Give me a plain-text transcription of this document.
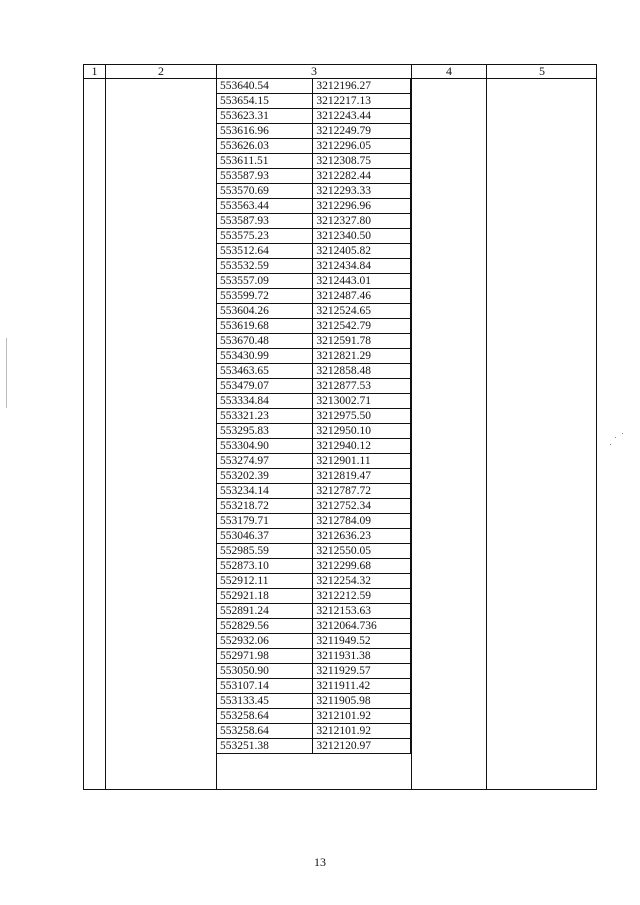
1	2	3	4	5
553640.54	3212196.27
553654.15	3212217.13
553623.31	3212243.44
553616.96	3212249.79
553626.03	3212296.05
553611.51	3212308.75
553587.93	3212282.44
553570.69	3212293.33
553563.44	3212296.96
553587.93	3212327.80
553575.23	3212340.50
553512.64	3212405.82
553532.59	3212434.84
553557.09	3212443.01
553599.72	3212487.46
553604.26	3212524.65
553619.68	3212542.79
553670.48	3212591.78
553430.99	3212821.29
553463.65	3212858.48
553479.07	3212877.53
553334.84	3213002.71
553321.23	3212975.50
553295.83	3212950.10
553304.90	3212940.12
553274.97	3212901.11
553202.39	3212819.47
553234.14	3212787.72
553218.72	3212752.34
553179.71	3212784.09
553046.37	3212636.23
552985.59	3212550.05
552873.10	3212299.68
552912.11	3212254.32
552921.18	3212212.59
552891.24	3212153.63
552829.56	3212064.736
552932.06	3211949.52
552971.98	3211931.38
553050.90	3211929.57
553107.14	3211911.42
553133.45	3211905.98
553258.64	3212101.92
553258.64	3212101.92
553251.38	3212120.97
13
